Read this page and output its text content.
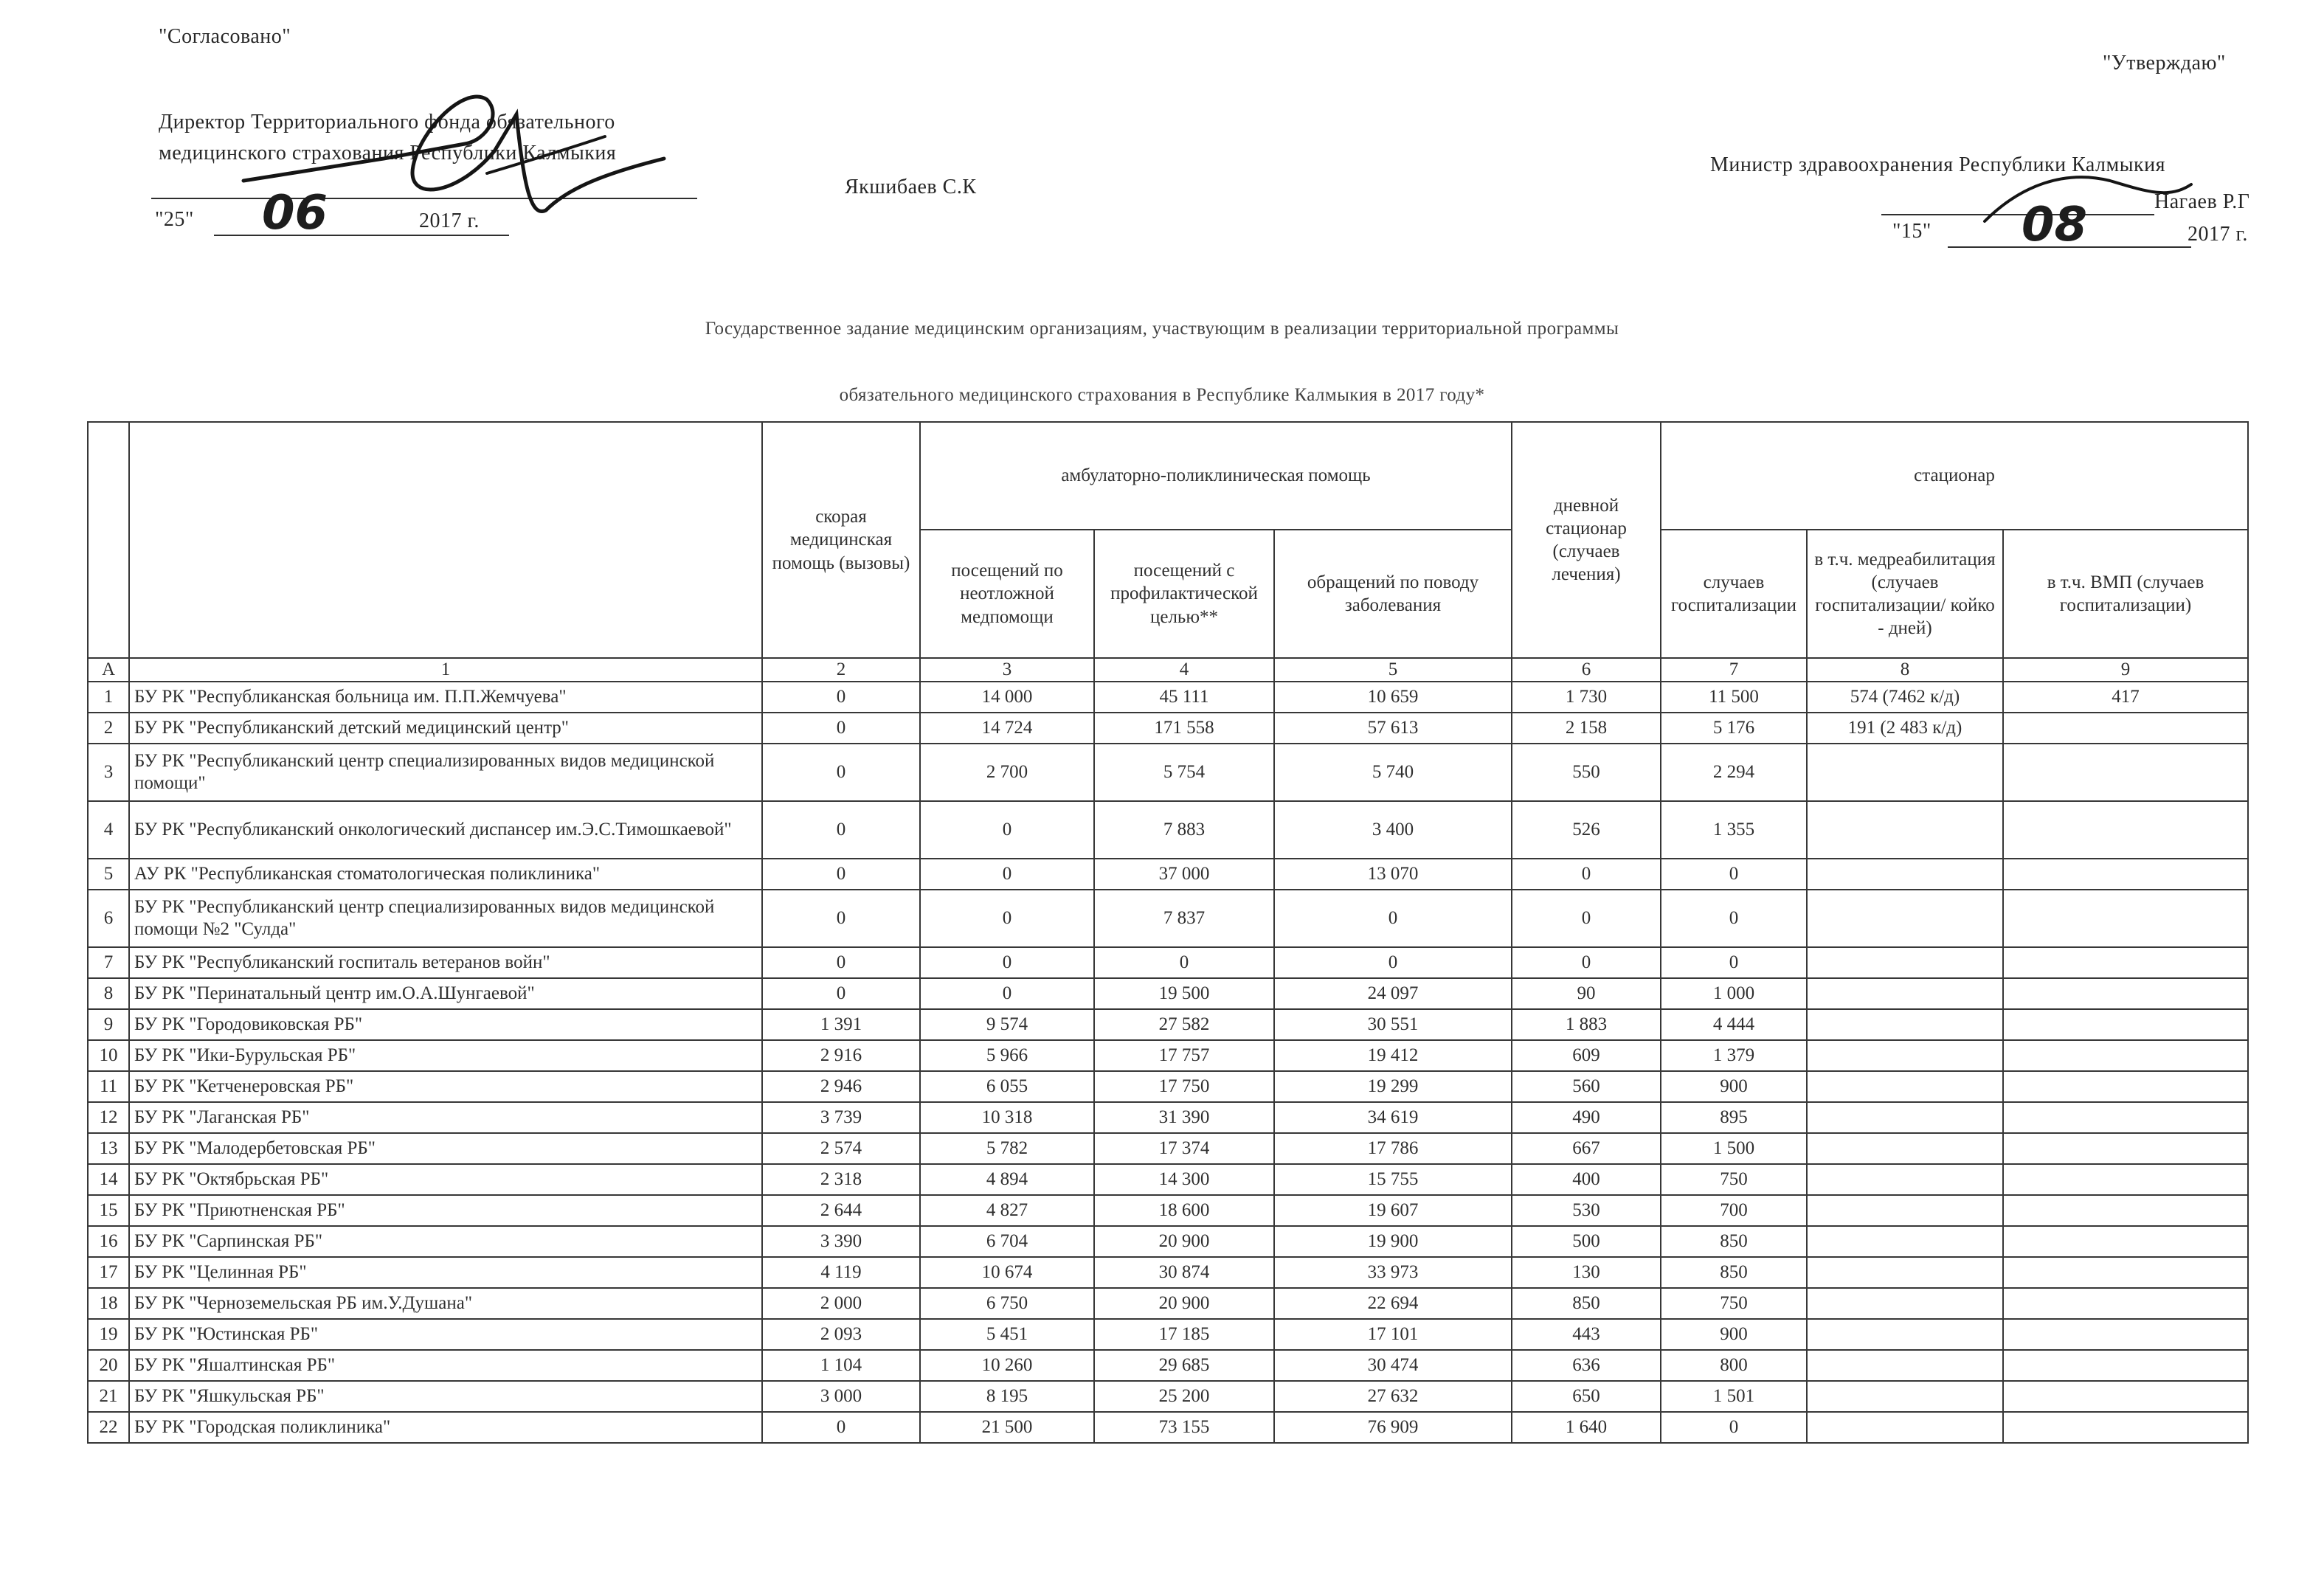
"Согласовано"
Директор Территориального фонда обязательного
медицинского страхования Республики Калмыкия
Якшибаев С.К
"25" 06	2017 г.
"Утверждаю"
Министр здравоохранения Республики Калмыкия
Нагаев Р.Г
"15" 08	2017 г.
Государственное задание медицинским организациям, участвующим в реализации территориальной программы
обязательного медицинского страхования в Республике Калмыкия в 2017 году*
		скорая медицинская помощь (вызовы)	амбулаторно-поликлиническая помощь			дневной стационар (случаев лечения)	стационар		
			посещений по неотложной медпомощи	посещений с профилактической целью**	обращений по поводу заболевания		случаев госпитализации	в т.ч. медреабилитация (случаев госпитализации/ койко - дней)	в т.ч. ВМП (случаев госпитализации)
А	1	2	3	4	5	6	7	8	9
1	БУ РК "Республиканская больница им. П.П.Жемчуева"	0	14 000	45 111	10 659	1 730	11 500	574 (7462 к/д)	417
2	БУ РК "Республиканский детский медицинский центр"	0	14 724	171 558	57 613	2 158	5 176	191 (2 483 к/д)	
3	БУ РК "Республиканский центр специализированных видов медицинской помощи"	0	2 700	5 754	5 740	550	2 294		
4	БУ РК "Республиканский онкологический диспансер им.Э.С.Тимошкаевой"	0	0	7 883	3 400	526	1 355		
5	АУ РК "Республиканская стоматологическая поликлиника"	0	0	37 000	13 070	0	0		
6	БУ РК "Республиканский центр специализированных видов медицинской помощи №2 "Сулда"	0	0	7 837	0	0	0		
7	БУ РК "Республиканский госпиталь ветеранов войн"	0	0	0	0	0	0		
8	БУ РК "Перинатальный центр им.О.А.Шунгаевой"	0	0	19 500	24 097	90	1 000		
9	БУ РК "Городовиковская РБ"	1 391	9 574	27 582	30 551	1 883	4 444		
10	БУ РК "Ики-Бурульская РБ"	2 916	5 966	17 757	19 412	609	1 379		
11	БУ РК "Кетченеровская РБ"	2 946	6 055	17 750	19 299	560	900		
12	БУ РК "Лаганская РБ"	3 739	10 318	31 390	34 619	490	895		
13	БУ РК "Малодербетовская РБ"	2 574	5 782	17 374	17 786	667	1 500		
14	БУ РК "Октябрьская РБ"	2 318	4 894	14 300	15 755	400	750		
15	БУ РК "Приютненская РБ"	2 644	4 827	18 600	19 607	530	700		
16	БУ РК "Сарпинская РБ"	3 390	6 704	20 900	19 900	500	850		
17	БУ РК "Целинная РБ"	4 119	10 674	30 874	33 973	130	850		
18	БУ РК "Черноземельская РБ им.У.Душана"	2 000	6 750	20 900	22 694	850	750		
19	БУ РК "Юстинская РБ"	2 093	5 451	17 185	17 101	443	900		
20	БУ РК "Яшалтинская РБ"	1 104	10 260	29 685	30 474	636	800		
21	БУ РК "Яшкульская РБ"	3 000	8 195	25 200	27 632	650	1 501		
22	БУ РК "Городская поликлиника"	0	21 500	73 155	76 909	1 640	0		
